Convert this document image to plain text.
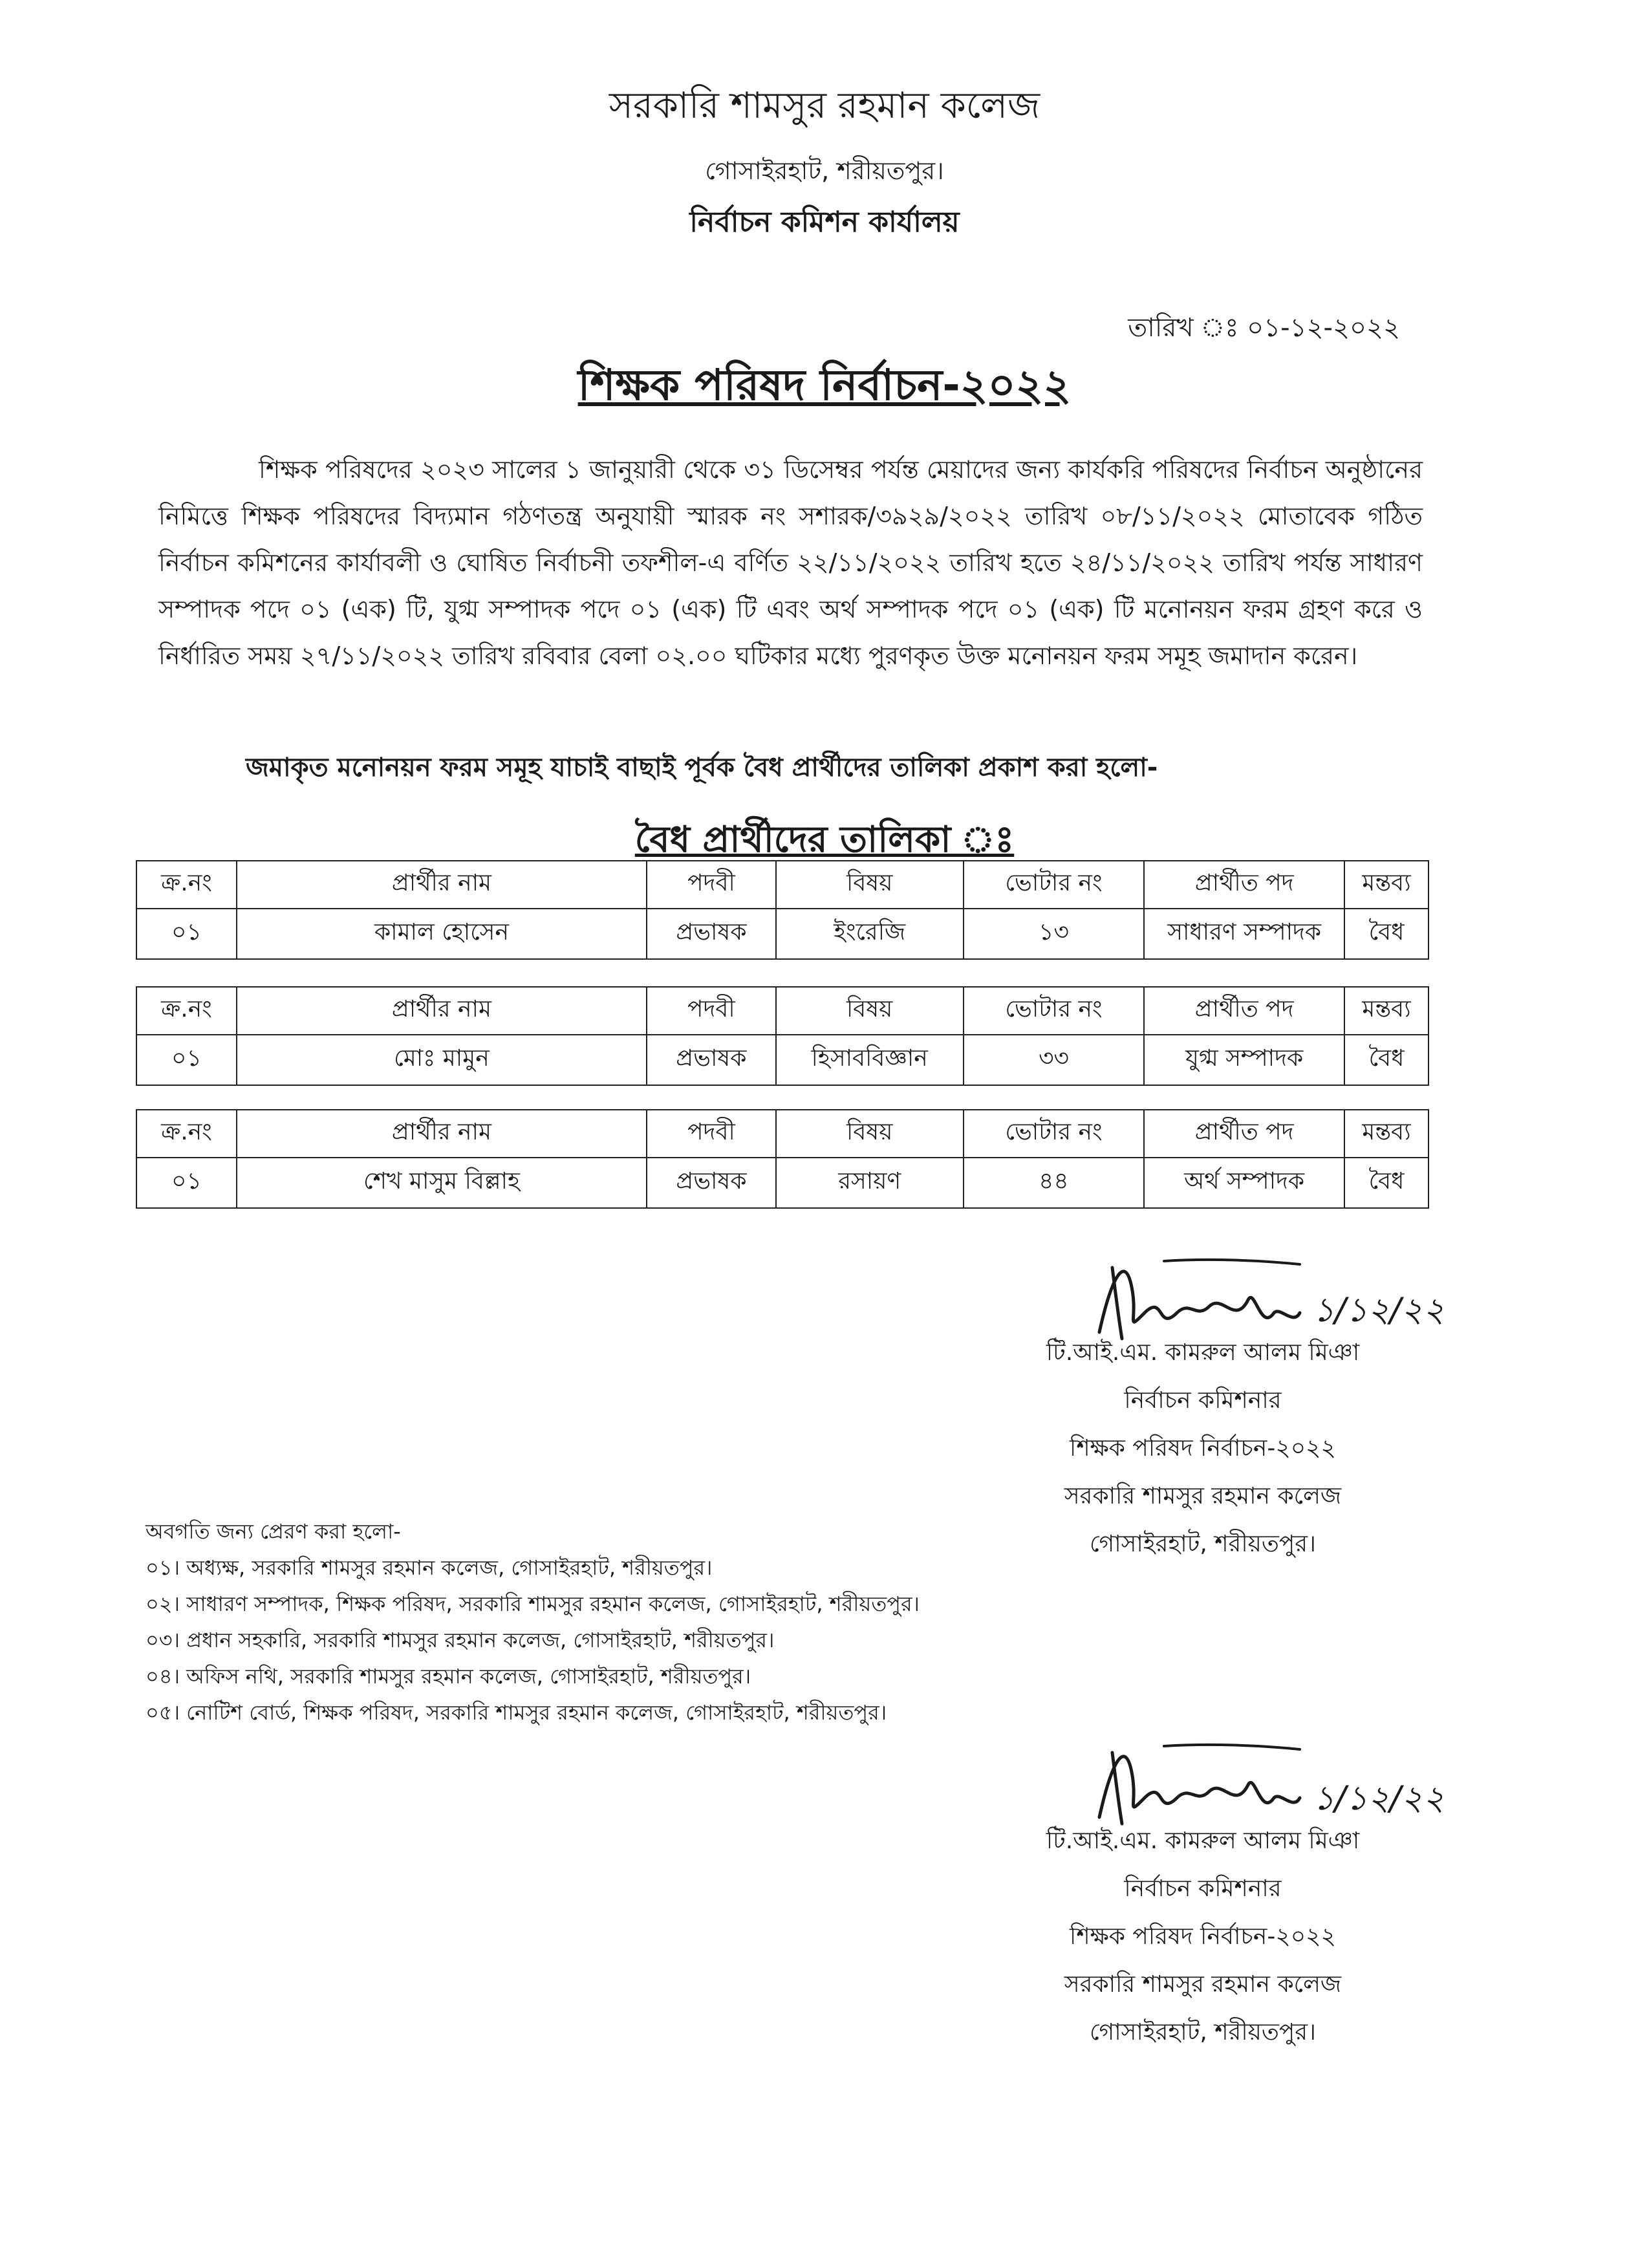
সরকারি শামসুর রহমান কলেজ
গোসাইরহাট, শরীয়তপুর।
নির্বাচন কমিশন কার্যালয়
তারিখ ঃ ০১-১২-২০২২
শিক্ষক পরিষদ নির্বাচন-২০২২
শিক্ষক পরিষদের ২০২৩ সালের ১ জানুয়ারী থেকে ৩১ ডিসেম্বর পর্যন্ত মেয়াদের জন্য কার্যকরি পরিষদের নির্বাচন অনুষ্ঠানের নিমিত্তে শিক্ষক পরিষদের বিদ্যমান গঠণতন্ত্র অনুযায়ী স্মারক নং সশারক/৩৯২৯/২০২২ তারিখ ০৮/১১/২০২২ মোতাবেক গঠিত নির্বাচন কমিশনের কার্যাবলী ও ঘোষিত নির্বাচনী তফশীল-এ বর্ণিত ২২/১১/২০২২ তারিখ হতে ২৪/১১/২০২২ তারিখ পর্যন্ত সাধারণ সম্পাদক পদে ০১ (এক) টি, যুগ্ম সম্পাদক পদে ০১ (এক) টি এবং অর্থ সম্পাদক পদে ০১ (এক) টি মনোনয়ন ফরম গ্রহণ করে ও নির্ধারিত সময় ২৭/১১/২০২২ তারিখ রবিবার বেলা ০২.০০ ঘটিকার মধ্যে পুরণকৃত উক্ত মনোনয়ন ফরম সমূহ জমাদান করেন।
জমাকৃত মনোনয়ন ফরম সমূহ যাচাই বাছাই পূর্বক বৈধ প্রার্থীদের তালিকা প্রকাশ করা হলো-
বৈধ প্রার্থীদের তালিকা ঃ
ক্র.নং	প্রার্থীর নাম	পদবী	বিষয়	ভোটার নং	প্রার্থীত পদ	মন্তব্য
০১	কামাল হোসেন	প্রভাষক	ইংরেজি	১৩	সাধারণ সম্পাদক	বৈধ
ক্র.নং	প্রার্থীর নাম	পদবী	বিষয়	ভোটার নং	প্রার্থীত পদ	মন্তব্য
০১	মোঃ মামুন	প্রভাষক	হিসাববিজ্ঞান	৩৩	যুগ্ম সম্পাদক	বৈধ
ক্র.নং	প্রার্থীর নাম	পদবী	বিষয়	ভোটার নং	প্রার্থীত পদ	মন্তব্য
০১	শেখ মাসুম বিল্লাহ	প্রভাষক	রসায়ণ	৪৪	অর্থ সম্পাদক	বৈধ
১/১২/২২
টি.আই.এম. কামরুল আলম মিঞা
নির্বাচন কমিশনার
শিক্ষক পরিষদ নির্বাচন-২০২২
সরকারি শামসুর রহমান কলেজ
গোসাইরহাট, শরীয়তপুর।
অবগতি জন্য প্রেরণ করা হলো-
০১। অধ্যক্ষ, সরকারি শামসুর রহমান কলেজ, গোসাইরহাট, শরীয়তপুর।
০২। সাধারণ সম্পাদক, শিক্ষক পরিষদ, সরকারি শামসুর রহমান কলেজ, গোসাইরহাট, শরীয়তপুর।
০৩। প্রধান সহকারি, সরকারি শামসুর রহমান কলেজ, গোসাইরহাট, শরীয়তপুর।
০৪। অফিস নথি, সরকারি শামসুর রহমান কলেজ, গোসাইরহাট, শরীয়তপুর।
০৫। নোটিশ বোর্ড, শিক্ষক পরিষদ, সরকারি শামসুর রহমান কলেজ, গোসাইরহাট, শরীয়তপুর।
১/১২/২২
টি.আই.এম. কামরুল আলম মিঞা
নির্বাচন কমিশনার
শিক্ষক পরিষদ নির্বাচন-২০২২
সরকারি শামসুর রহমান কলেজ
গোসাইরহাট, শরীয়তপুর।
